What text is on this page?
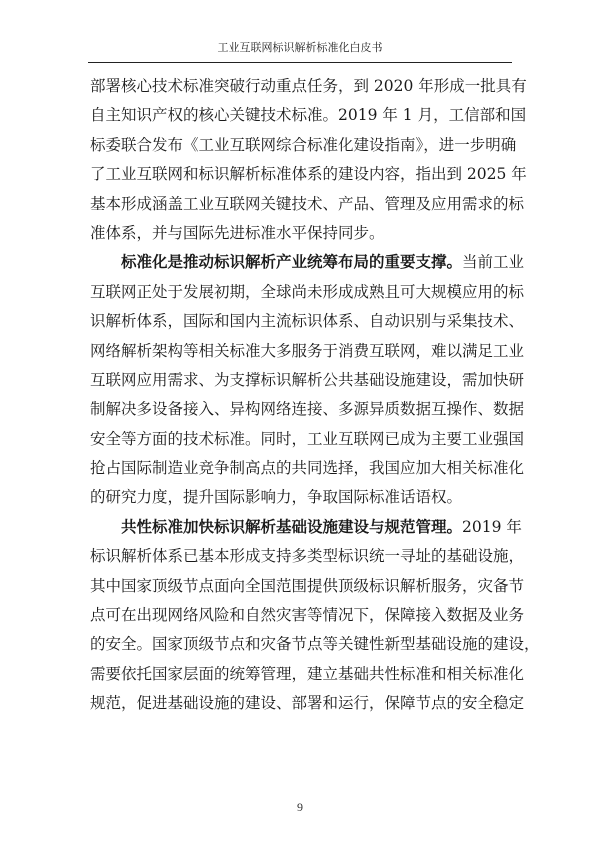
工业互联网标识解析标准化白皮书
部署核心技术标准突破行动重点任务，到 2020 年形成一批具有
自主知识产权的核心关键技术标准。2019 年 1 月，工信部和国
标委联合发布《工业互联网综合标准化建设指南》，进一步明确
了工业互联网和标识解析标准体系的建设内容，指出到 2025 年
基本形成涵盖工业互联网关键技术、产品、管理及应用需求的标
准体系，并与国际先进标准水平保持同步。
标准化是推动标识解析产业统筹布局的重要支撑。当前工业
互联网正处于发展初期，全球尚未形成成熟且可大规模应用的标
识解析体系，国际和国内主流标识体系、自动识别与采集技术、
网络解析架构等相关标准大多服务于消费互联网，难以满足工业
互联网应用需求、为支撑标识解析公共基础设施建设，需加快研
制解决多设备接入、异构网络连接、多源异质数据互操作、数据
安全等方面的技术标准。同时，工业互联网已成为主要工业强国
抢占国际制造业竞争制高点的共同选择，我国应加大相关标准化
的研究力度，提升国际影响力，争取国际标准话语权。
共性标准加快标识解析基础设施建设与规范管理。2019 年
标识解析体系已基本形成支持多类型标识统一寻址的基础设施，
其中国家顶级节点面向全国范围提供顶级标识解析服务，灾备节
点可在出现网络风险和自然灾害等情况下，保障接入数据及业务
的安全。国家顶级节点和灾备节点等关键性新型基础设施的建设，
需要依托国家层面的统筹管理，建立基础共性标准和相关标准化
规范，促进基础设施的建设、部署和运行，保障节点的安全稳定
9
